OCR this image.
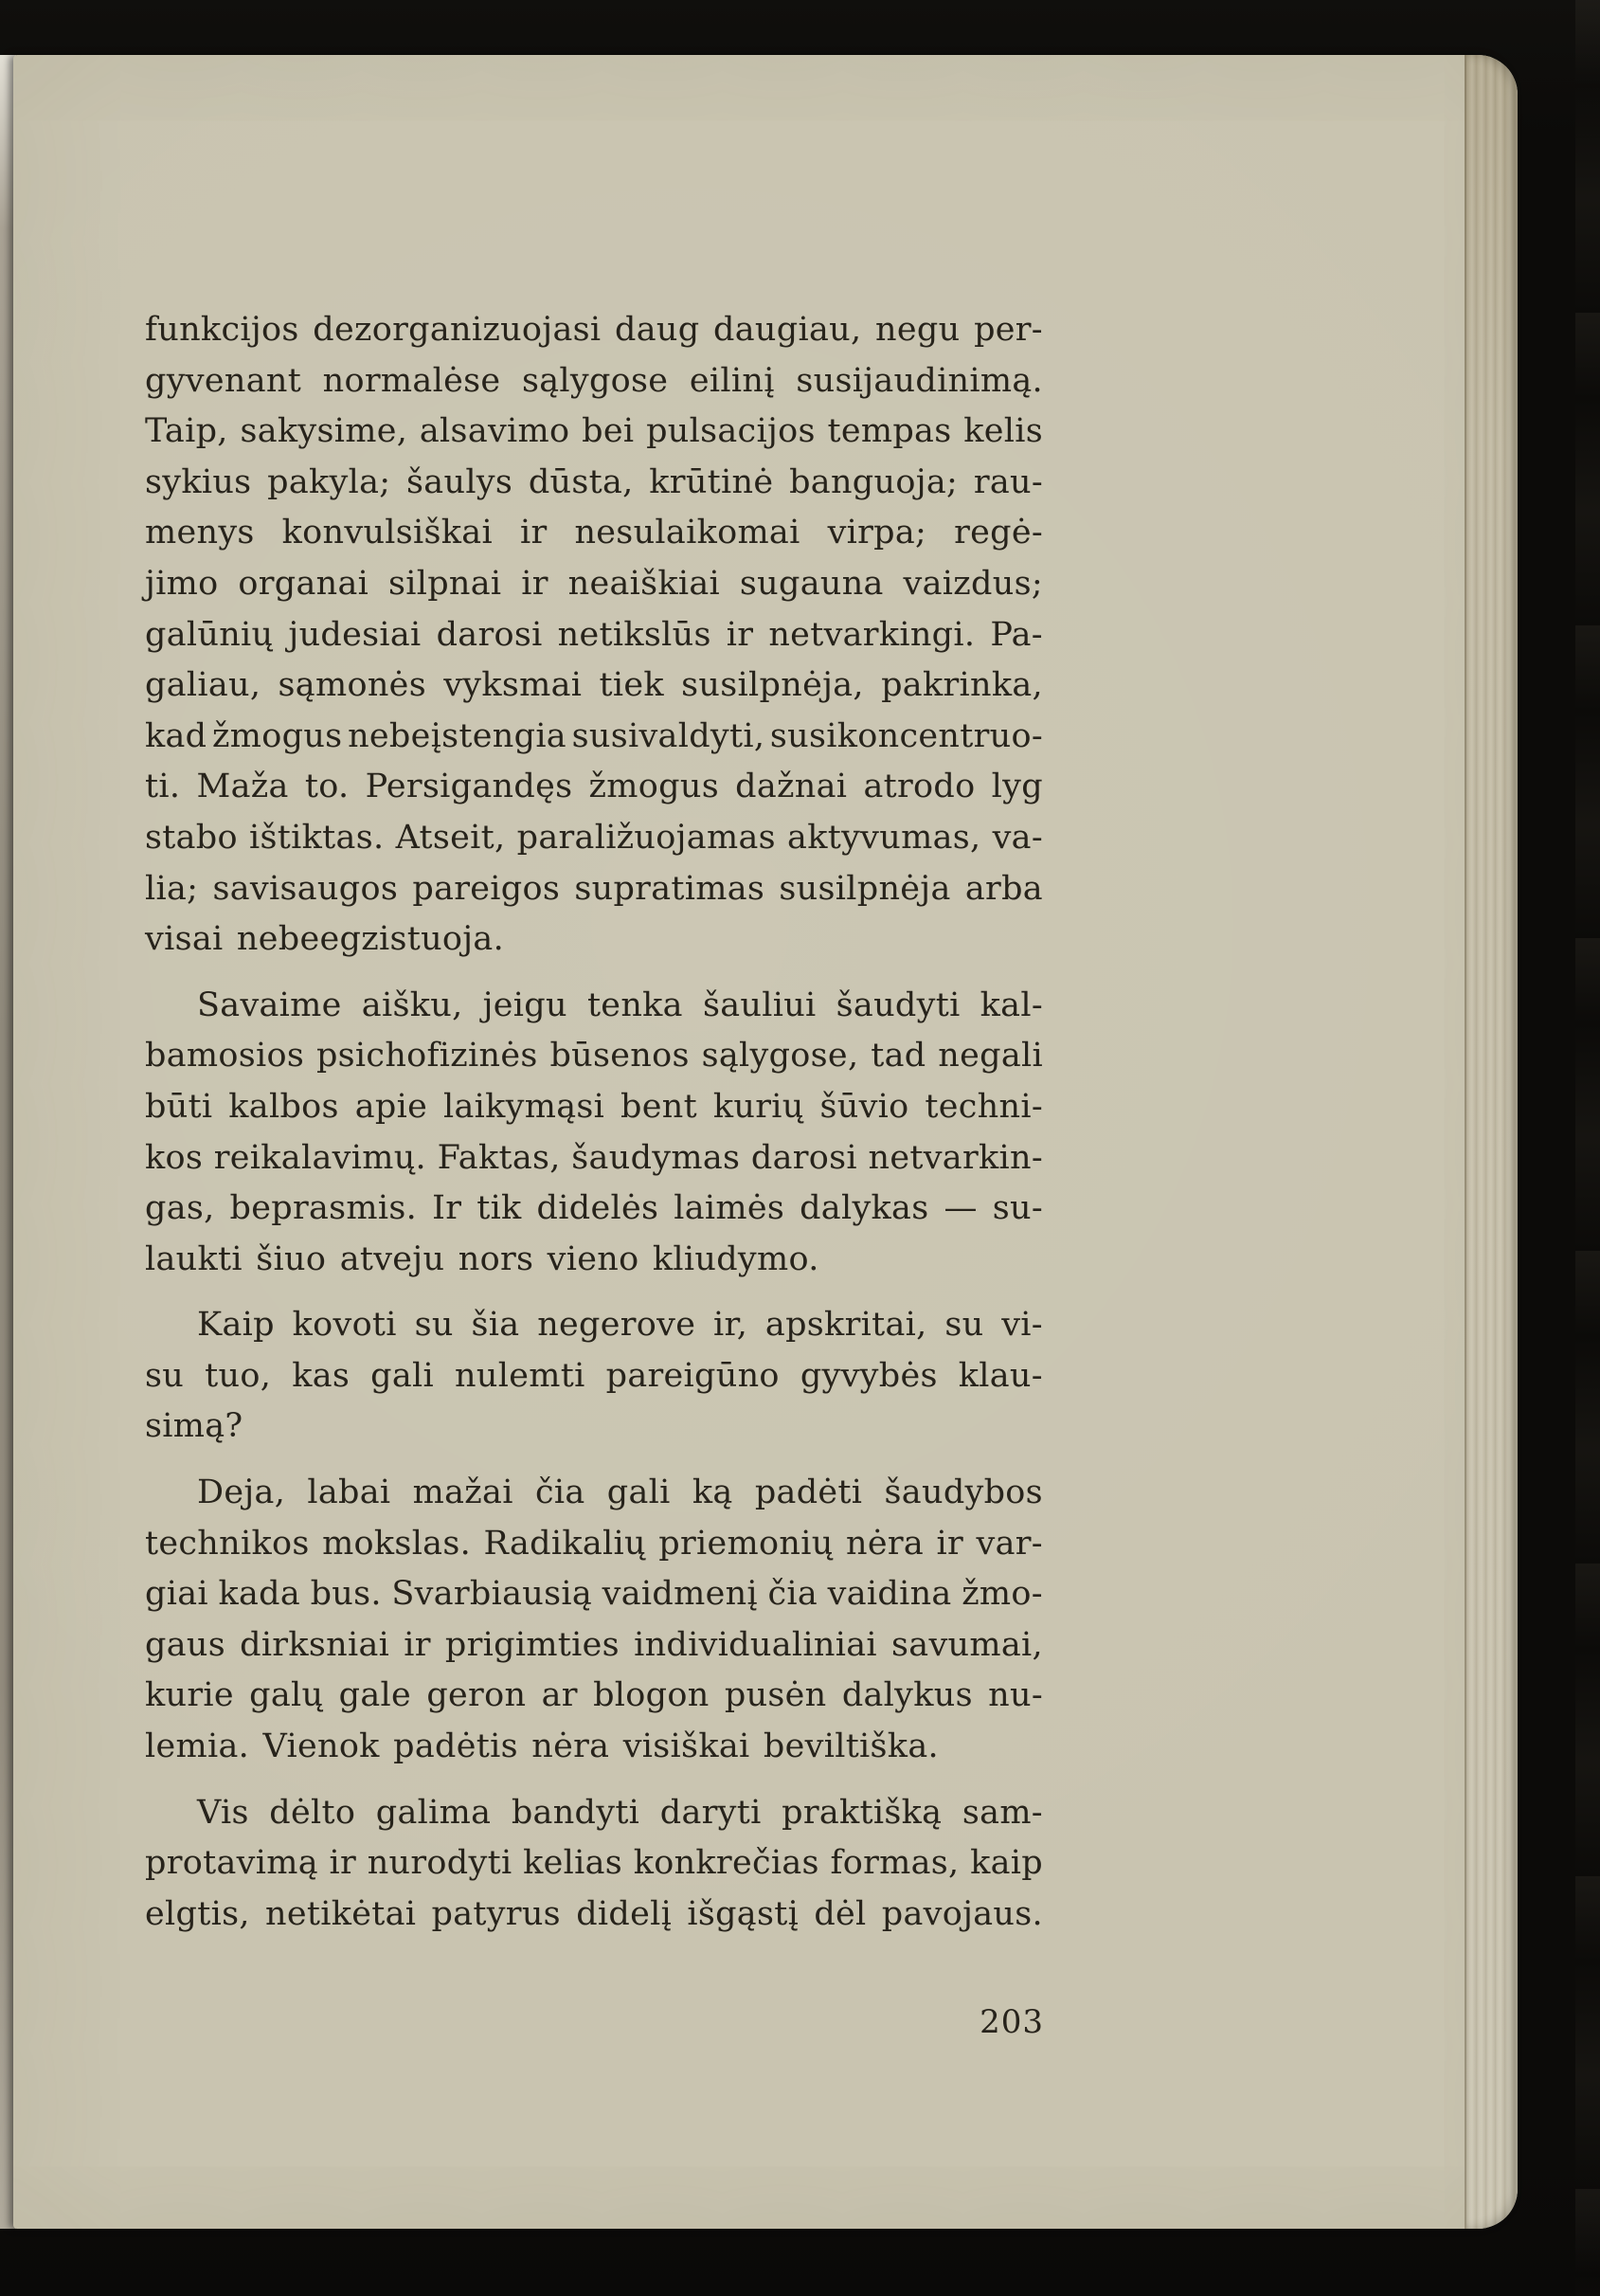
funkcijos dezorganizuojasi daug daugiau, negu per-
gyvenant normalėse sąlygose eilinį susijaudinimą.
Taip, sakysime, alsavimo bei pulsacijos tempas kelis
sykius pakyla; šaulys dūsta, krūtinė banguoja; rau-
menys konvulsiškai ir nesulaikomai virpa; regė-
jimo organai silpnai ir neaiškiai sugauna vaizdus;
galūnių judesiai darosi netikslūs ir netvarkingi. Pa-
galiau, sąmonės vyksmai tiek susilpnėja, pakrinka,
kad žmogus nebeįstengia susivaldyti, susikoncentruo-
ti. Maža to. Persigandęs žmogus dažnai atrodo lyg
stabo ištiktas. Atseit, paraližuojamas aktyvumas, va-
lia; savisaugos pareigos supratimas susilpnėja arba
visai nebeegzistuoja.
Savaime aišku, jeigu tenka šauliui šaudyti kal-
bamosios psichofizinės būsenos sąlygose, tad negali
būti kalbos apie laikymąsi bent kurių šūvio techni-
kos reikalavimų. Faktas, šaudymas darosi netvarkin-
gas, beprasmis. Ir tik didelės laimės dalykas — su-
laukti šiuo atveju nors vieno kliudymo.
Kaip kovoti su šia negerove ir, apskritai, su vi-
su tuo, kas gali nulemti pareigūno gyvybės klau-
simą?
Deja, labai mažai čia gali ką padėti šaudybos
technikos mokslas. Radikalių priemonių nėra ir var-
giai kada bus. Svarbiausią vaidmenį čia vaidina žmo-
gaus dirksniai ir prigimties individualiniai savumai,
kurie galų gale geron ar blogon pusėn dalykus nu-
lemia. Vienok padėtis nėra visiškai beviltiška.
Vis dėlto galima bandyti daryti praktišką sam-
protavimą ir nurodyti kelias konkrečias formas, kaip
elgtis, netikėtai patyrus didelį išgąstį dėl pavojaus.
203
